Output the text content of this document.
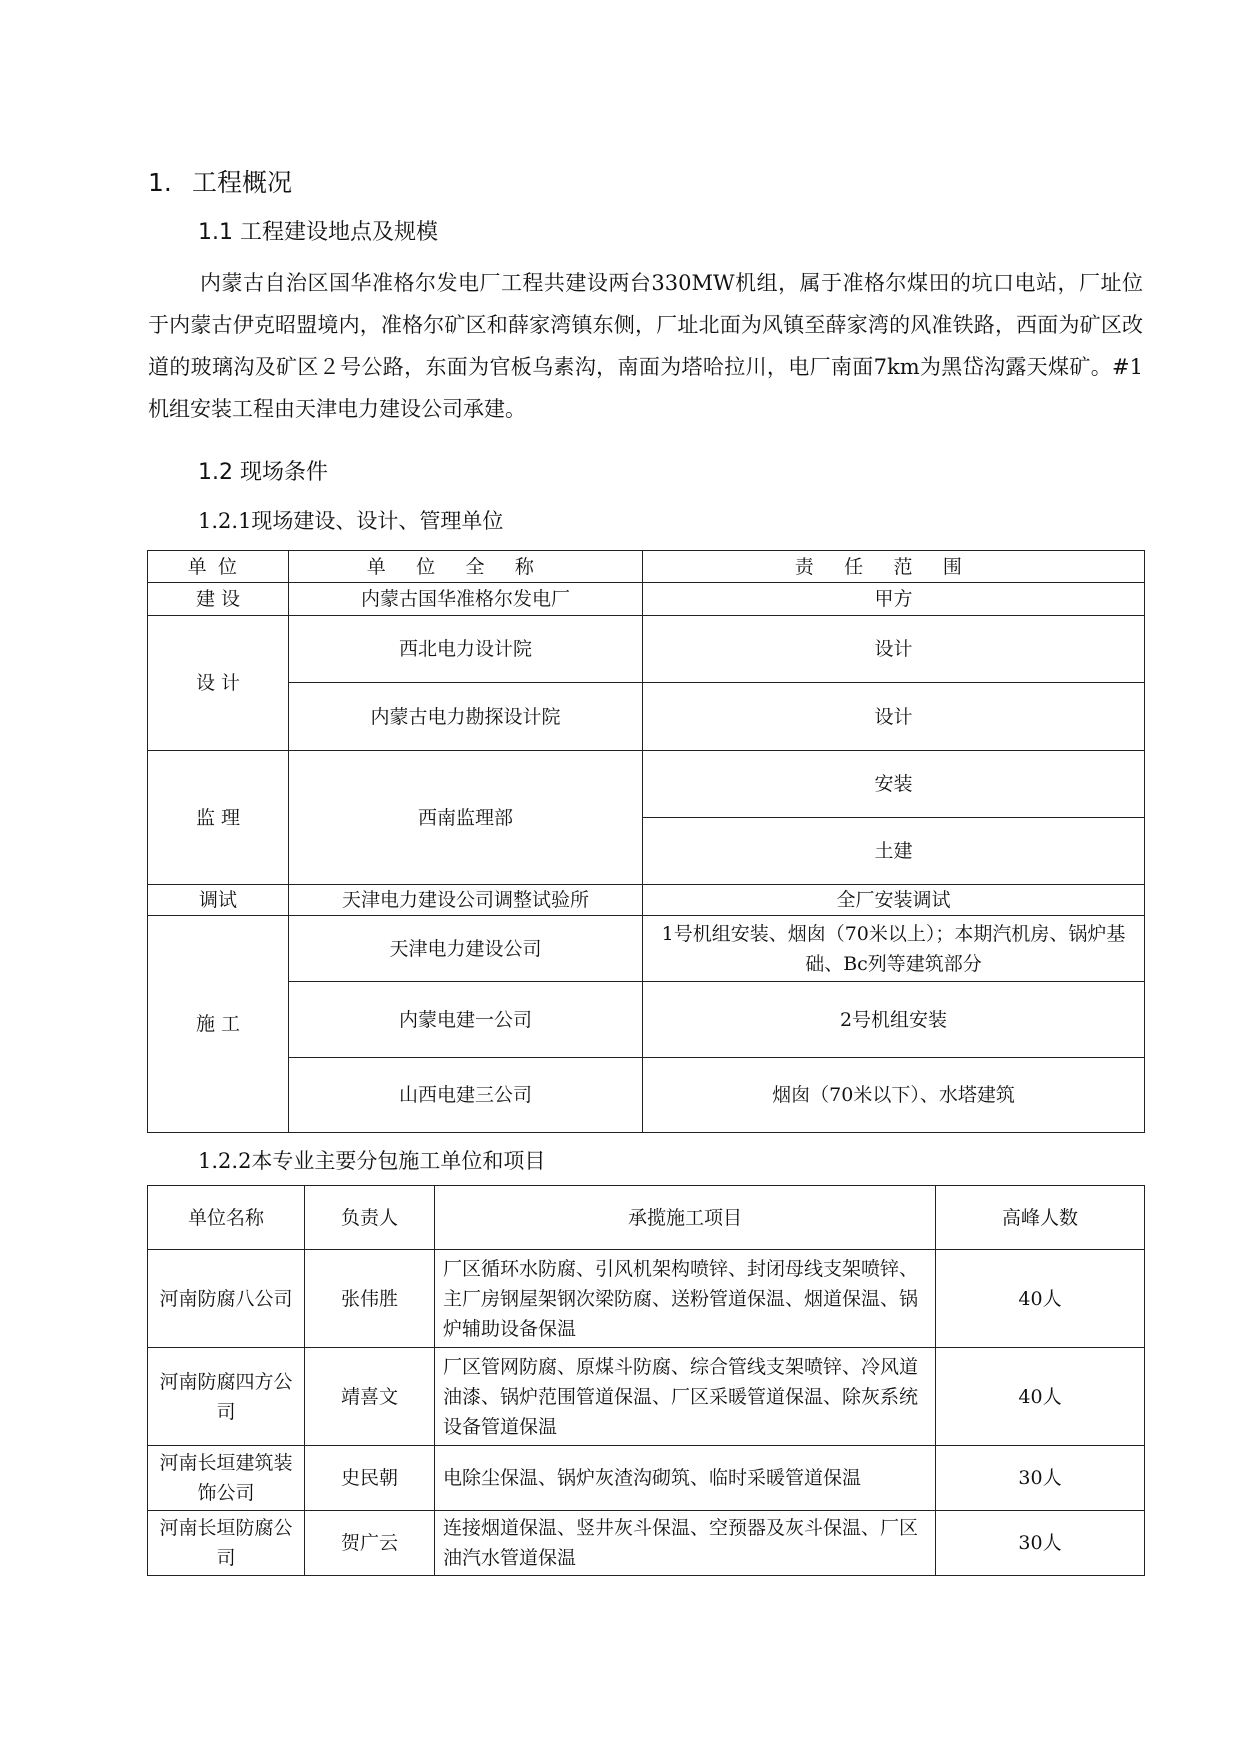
1. 工程概况
1.1 工程建设地点及规模
内蒙古自治区国华准格尔发电厂工程共建设两台330MW机组，属于准格尔煤田的坑口电站，厂址位于内蒙古伊克昭盟境内，准格尔矿区和薛家湾镇东侧，厂址北面为风镇至薛家湾的风准铁路，西面为矿区改道的玻璃沟及矿区２号公路，东面为官板乌素沟，南面为塔哈拉川，电厂南面7km为黑岱沟露天煤矿。#1机组安装工程由天津电力建设公司承建。
1.2 现场条件
1.2.1现场建设、设计、管理单位
单位	单位全称	责任范围
建 设	内蒙古国华准格尔发电厂	甲方
设 计	西北电力设计院	设计
	内蒙古电力勘探设计院	设计
监 理	西南监理部	安装
		土建
调试	天津电力建设公司调整试验所	全厂安装调试
施 工	天津电力建设公司	1号机组安装、烟囱（70米以上）；本期汽机房、锅炉基础、Bc列等建筑部分
	内蒙电建一公司	2号机组安装
	山西电建三公司	烟囱（70米以下）、水塔建筑
1.2.2本专业主要分包施工单位和项目
单位名称	负责人	承揽施工项目	高峰人数
河南防腐八公司	张伟胜	厂区循环水防腐、引风机架构喷锌、封闭母线支架喷锌、主厂房钢屋架钢次梁防腐、送粉管道保温、烟道保温、锅炉辅助设备保温	40人
河南防腐四方公司	靖喜文	厂区管网防腐、原煤斗防腐、综合管线支架喷锌、冷风道油漆、锅炉范围管道保温、厂区采暖管道保温、除灰系统设备管道保温	40人
河南长垣建筑装饰公司	史民朝	电除尘保温、锅炉灰渣沟砌筑、临时采暖管道保温	30人
河南长垣防腐公司	贺广云	连接烟道保温、竖井灰斗保温、空预器及灰斗保温、厂区油汽水管道保温	30人
